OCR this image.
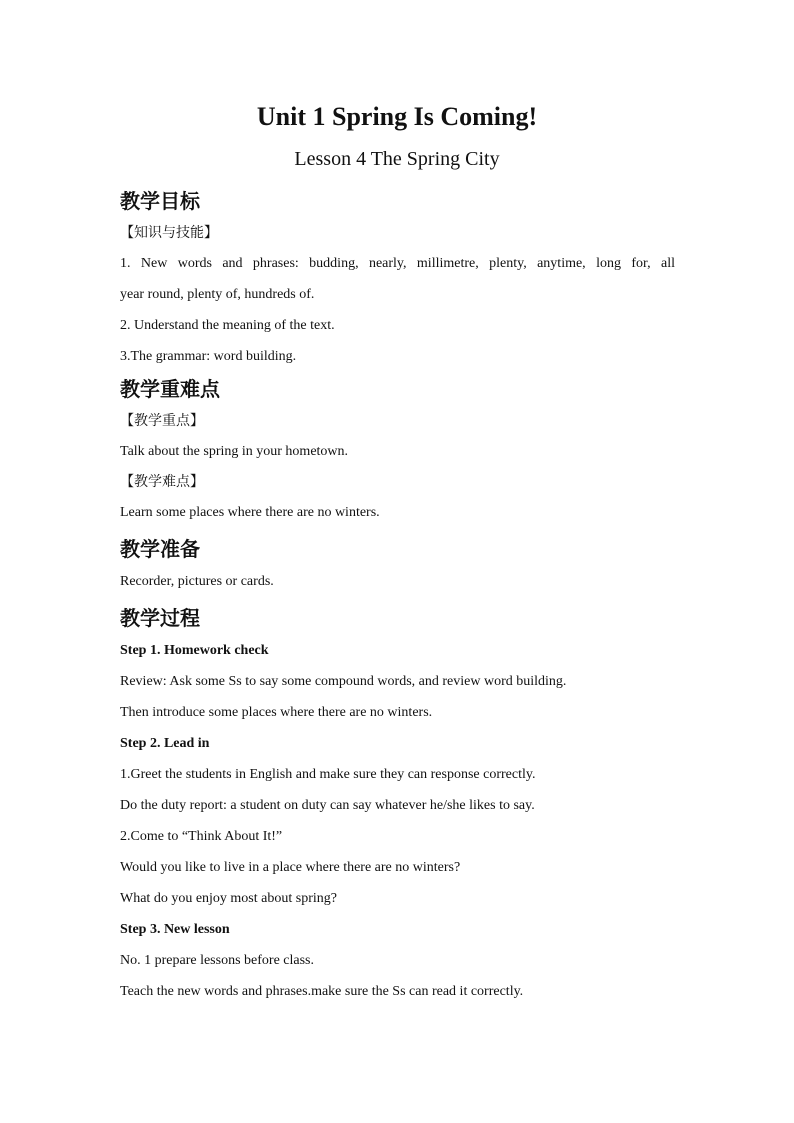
Unit 1 Spring Is Coming!
Lesson 4 The Spring City
教学目标
【知识与技能】
1. New words and phrases: budding, nearly, millimetre, plenty, anytime, long for, all
year round, plenty of, hundreds of.
2. Understand the meaning of the text.
3.The grammar: word building.
教学重难点
【教学重点】
Talk about the spring in your hometown.
【教学难点】
Learn some places where there are no winters.
教学准备
Recorder, pictures or cards.
教学过程
Step 1. Homework check
Review: Ask some Ss to say some compound words, and review word building.
Then introduce some places where there are no winters.
Step 2. Lead in
1.Greet the students in English and make sure they can response correctly.
Do the duty report: a student on duty can say whatever he/she likes to say.
2.Come to “Think About It!”
Would you like to live in a place where there are no winters?
What do you enjoy most about spring?
Step 3. New lesson
No. 1 prepare lessons before class.
Teach the new words and phrases.make sure the Ss can read it correctly.
